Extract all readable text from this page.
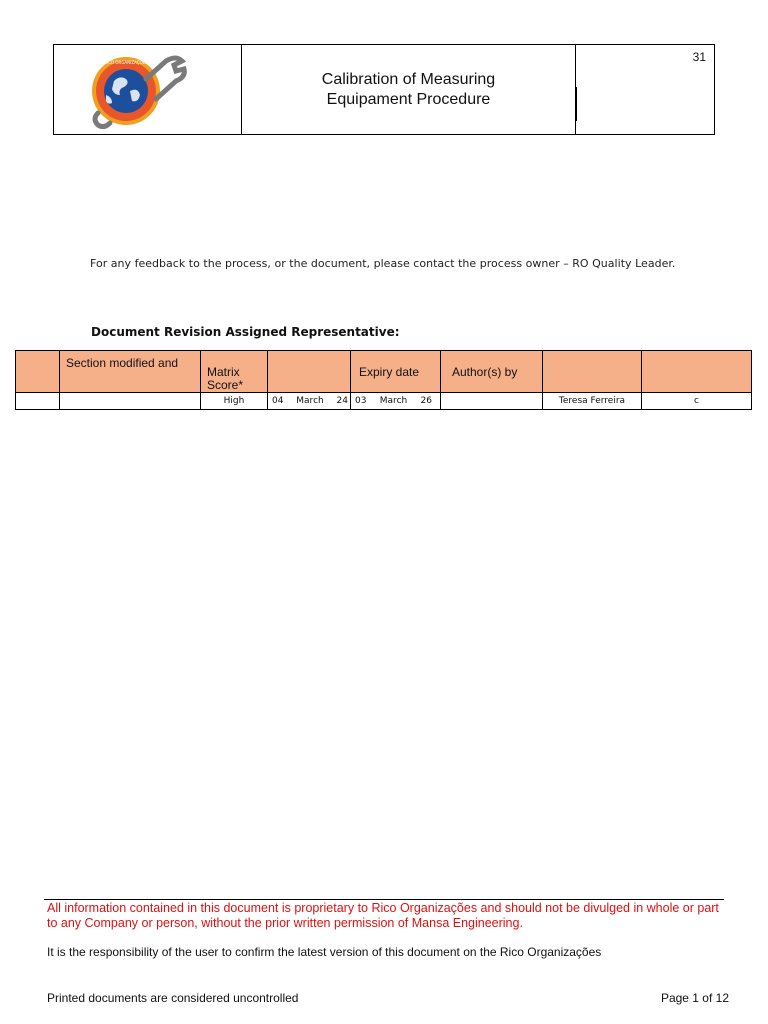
RICO ORGANIZAÇÕES
Calibration of Measuring
Equipament Procedure
31
For any feedback to the process, or the document, please contact the process owner – RO Quality Leader.
Document Revision Assigned Representative:
	Section modified and	Matrix Score*		Expiry date	Author(s) by		
		High	04 March 24	03 March 26		Teresa Ferreira	c
All information contained in this document is proprietary to Rico Organizações and should not be divulged in whole or part to any Company or person, without the prior written permission of Mansa Engineering.
It is the responsibility of the user to confirm the latest version of this document on the Rico Organizações
Printed documents are considered uncontrolled	Page 1 of 12
